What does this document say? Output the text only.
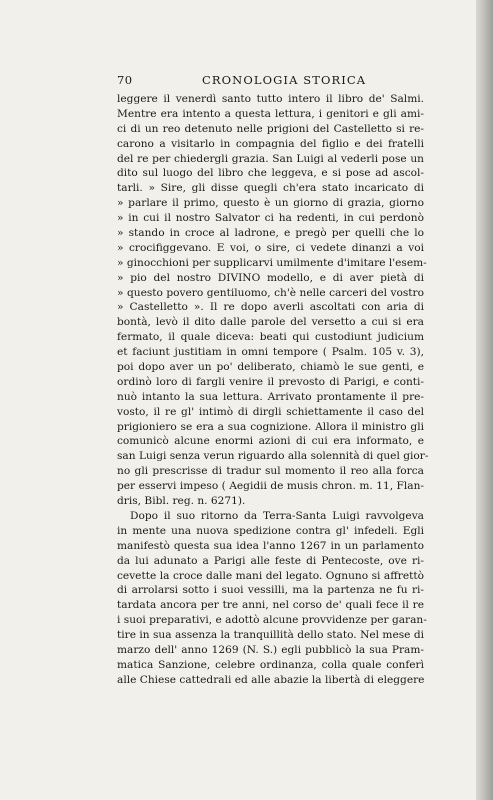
70	CRONOLOGIA STORICA
leggere il venerdì santo tutto intero il libro de' Salmi.
Mentre era intento a questa lettura, i genitori e gli ami-
ci di un reo detenuto nelle prigioni del Castelletto si re-
carono a visitarlo in compagnia del figlio e dei fratelli
del re per chiedergli grazia. San Luigi al vederli pose un
dito sul luogo del libro che leggeva, e si pose ad ascol-
tarli. » Sire, gli disse quegli ch'era stato incaricato di
» parlare il primo, questo è un giorno di grazia, giorno
» in cui il nostro Salvator ci ha redenti, in cui perdonò
» stando in croce al ladrone, e pregò per quelli che lo
» crocifiggevano. E voi, o sire, ci vedete dinanzi a voi
» ginocchioni per supplicarvi umilmente d'imitare l'esem-
» pio del nostro DIVINO modello, e di aver pietà di
» questo povero gentiluomo, ch'è nelle carceri del vostro
» Castelletto ». Il re dopo averli ascoltati con aria di
bontà, levò il dito dalle parole del versetto a cui si era
fermato, il quale diceva: beati qui custodiunt judicium
et faciunt justitiam in omni tempore ( Psalm. 105 v. 3),
poi dopo aver un po' deliberato, chiamò le sue genti, e
ordinò loro di fargli venire il prevosto di Parigi, e conti-
nuò intanto la sua lettura. Arrivato prontamente il pre-
vosto, il re gl' intimò di dirgli schiettamente il caso del
prigioniero se era a sua cognizione. Allora il ministro gli
comunicò alcune enormi azioni di cui era informato, e
san Luigi senza verun riguardo alla solennità di quel gior-
no gli prescrisse di tradur sul momento il reo alla forca
per esservi impeso ( Aegidii de musis chron. m. 11, Flan-
dris, Bibl. reg. n. 6271).
Dopo il suo ritorno da Terra-Santa Luigi ravvolgeva
in mente una nuova spedizione contra gl' infedeli. Egli
manifestò questa sua idea l'anno 1267 in un parlamento
da lui adunato a Parigi alle feste di Pentecoste, ove ri-
cevette la croce dalle mani del legato. Ognuno si affrettò
di arrolarsi sotto i suoi vessilli, ma la partenza ne fu ri-
tardata ancora per tre anni, nel corso de' quali fece il re
i suoi preparativi, e adottò alcune provvidenze per garan-
tire in sua assenza la tranquillità dello stato. Nel mese di
marzo dell' anno 1269 (N. S.) egli pubblicò la sua Pram-
matica Sanzione, celebre ordinanza, colla quale conferì
alle Chiese cattedrali ed alle abazie la libertà di eleggere
